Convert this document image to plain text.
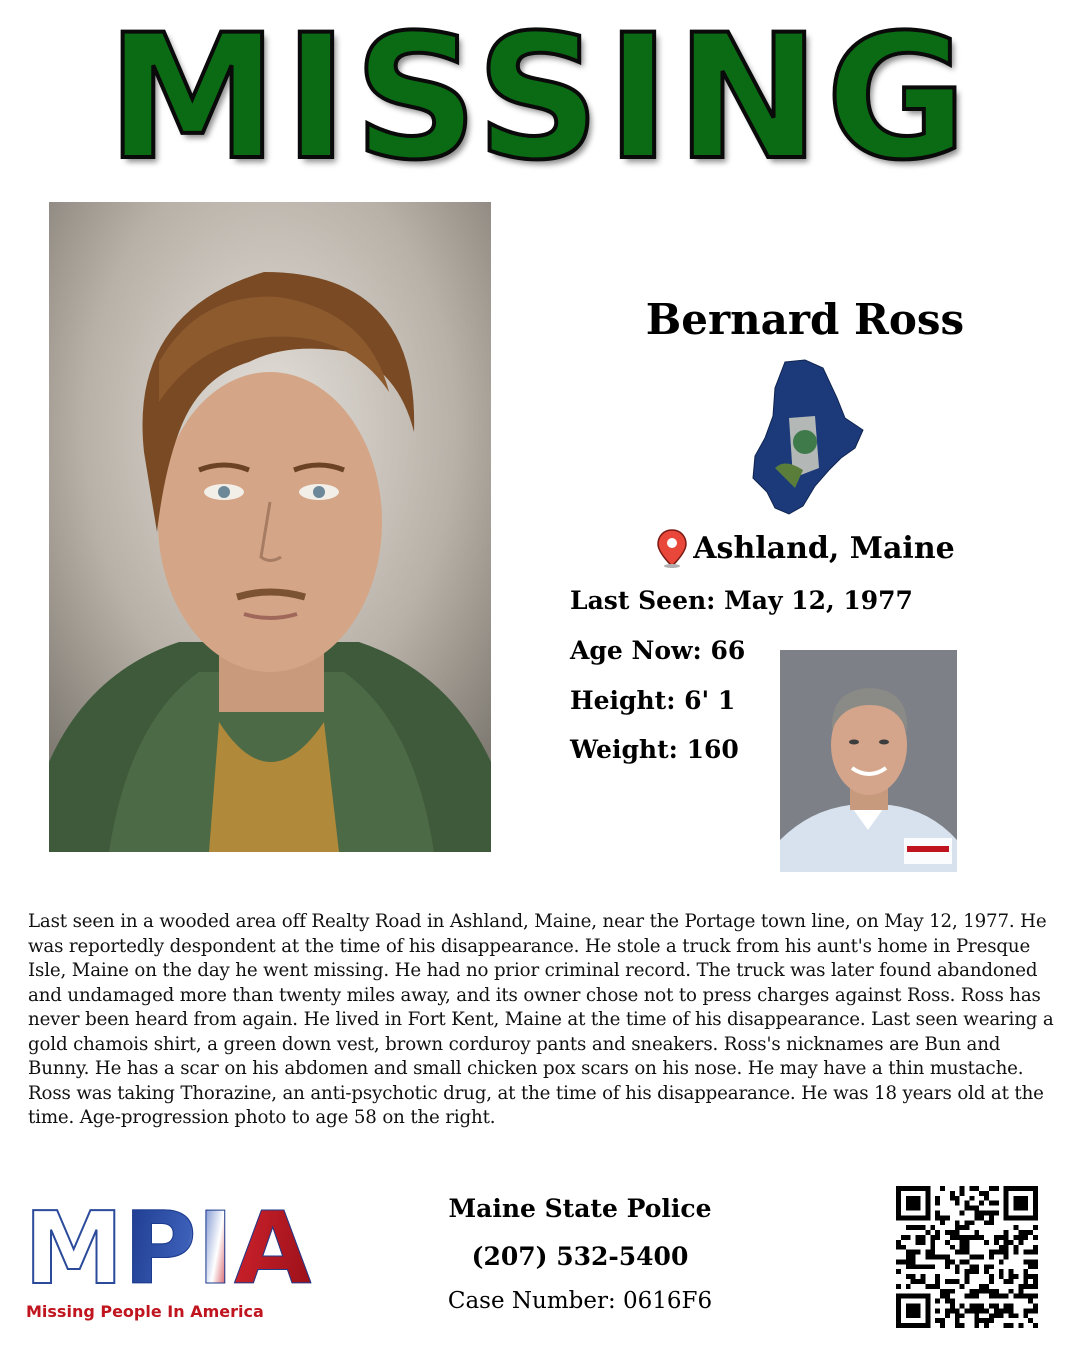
MISSING
Bernard Ross
Ashland, Maine
Last Seen: May 12, 1977
Age Now: 66
Height: 6' 1
Weight: 160
Last seen in a wooded area off Realty Road in Ashland, Maine, near the Portage town line, on May 12, 1977. He was reportedly despondent at the time of his disappearance. He stole a truck from his aunt's home in Presque Isle, Maine on the day he went missing. He had no prior criminal record. The truck was later found abandoned and undamaged more than twenty miles away, and its owner chose not to press charges against Ross. Ross has never been heard from again. He lived in Fort Kent, Maine at the time of his disappearance. Last seen wearing a gold chamois shirt, a green down vest, brown corduroy pants and sneakers. Ross's nicknames are Bun and Bunny. He has a scar on his abdomen and small chicken pox scars on his nose. He may have a thin mustache. Ross was taking Thorazine, an anti-psychotic drug, at the time of his disappearance. He was 18 years old at the time. Age-progression photo to age 58 on the right.
M PIA
Missing People In America
Maine State Police
(207) 532-5400
Case Number: 0616F6
